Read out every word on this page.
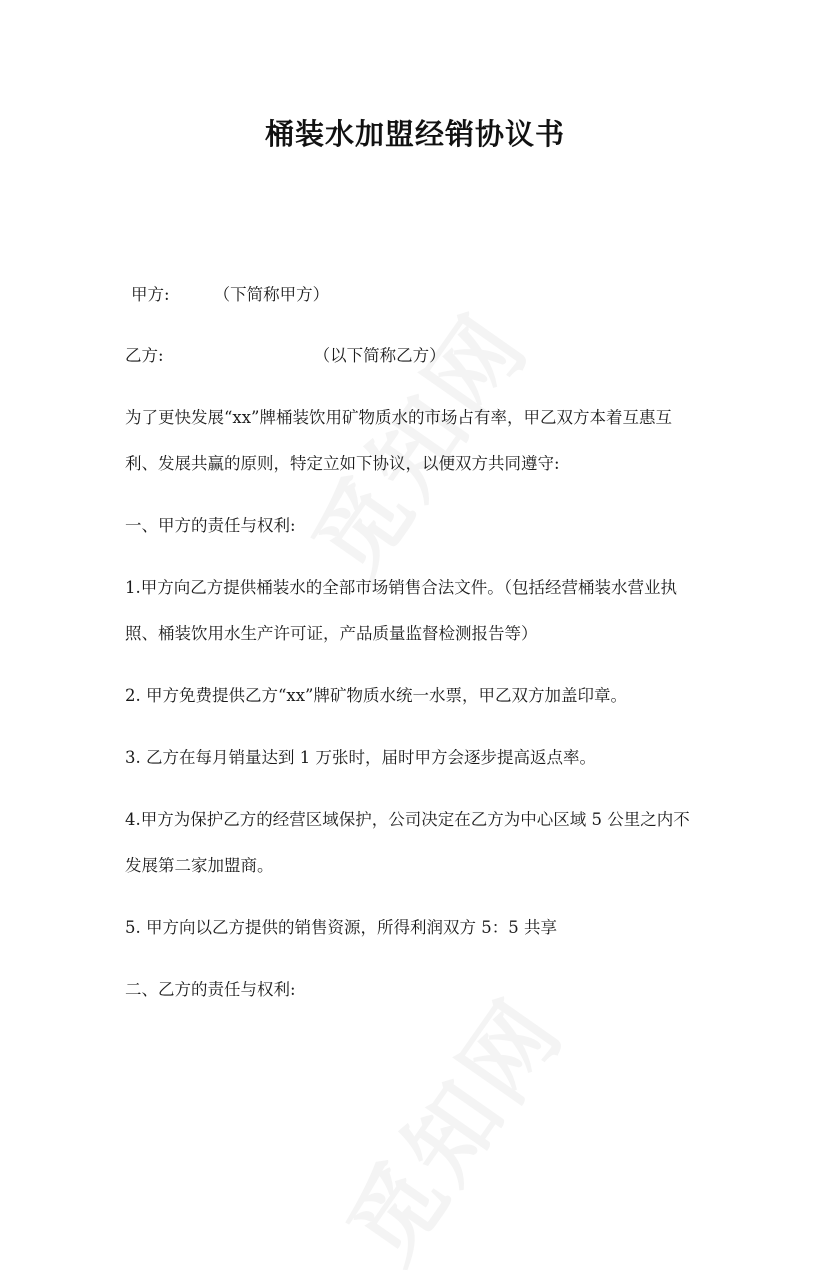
桶装水加盟经销协议书
甲方:	（下简称甲方）
乙方:	（以下简称乙方）
为了更快发展“xx”牌桶装饮用矿物质水的市场占有率，甲乙双方本着互惠互
利、发展共赢的原则，特定立如下协议，以便双方共同遵守:
一、甲方的责任与权利:
1.甲方向乙方提供桶装水的全部市场销售合法文件。（包括经营桶装水营业执
照、桶装饮用水生产许可证，产品质量监督检测报告等）
2. 甲方免费提供乙方“xx”牌矿物质水统一水票，甲乙双方加盖印章。
3. 乙方在每月销量达到 1 万张时，届时甲方会逐步提高返点率。
4.甲方为保护乙方的经营区域保护，公司决定在乙方为中心区域 5 公里之内不
发展第二家加盟商。
5. 甲方向以乙方提供的销售资源，所得利润双方 5：5 共享
二、乙方的责任与权利:
